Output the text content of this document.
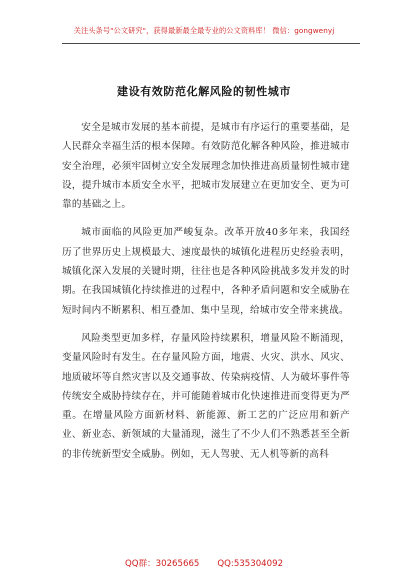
关注头条号"公文研究"，获得最新最全最专业的公文资料库！ 微信：gongwenyj
建设有效防范化解风险的韧性城市

安全是城市发展的基本前提，是城市有序运行的重要基础，是人民群众幸福生活的根本保障。有效防范化解各种风险，推进城市安全治理，必须牢固树立安全发展理念加快推进高质量韧性城市建设，提升城市本质安全水平，把城市发展建立在更加安全、更为可靠的基础之上。

城市面临的风险更加严峻复杂。改革开放40多年来，我国经历了世界历史上规模最大、速度最快的城镇化进程历史经验表明，城镇化深入发展的关键时期，往往也是各种风险挑战多发并发的时期。在我国城镇化持续推进的过程中，各种矛盾问题和安全威胁在短时间内不断累积、相互叠加、集中呈现，给城市安全带来挑战。

风险类型更加多样，存量风险持续累积，增量风险不断涌现，变量风险时有发生。在存量风险方面，地震、火灾、洪水、风灾、地质破坏等自然灾害以及交通事故、传染病疫情、人为破坏事件等传统安全威胁持续存在，并可能随着城市化快速推进而变得更为严重。在增量风险方面新材料、新能源、新工艺的广泛应用和新产业、新业态、新领域的大量涌现，滋生了不少人们不熟悉甚至全新的非传统新型安全威胁。例如，无人驾驶、无人机等新的高科

QQ群：30265665 QQ:535304092
